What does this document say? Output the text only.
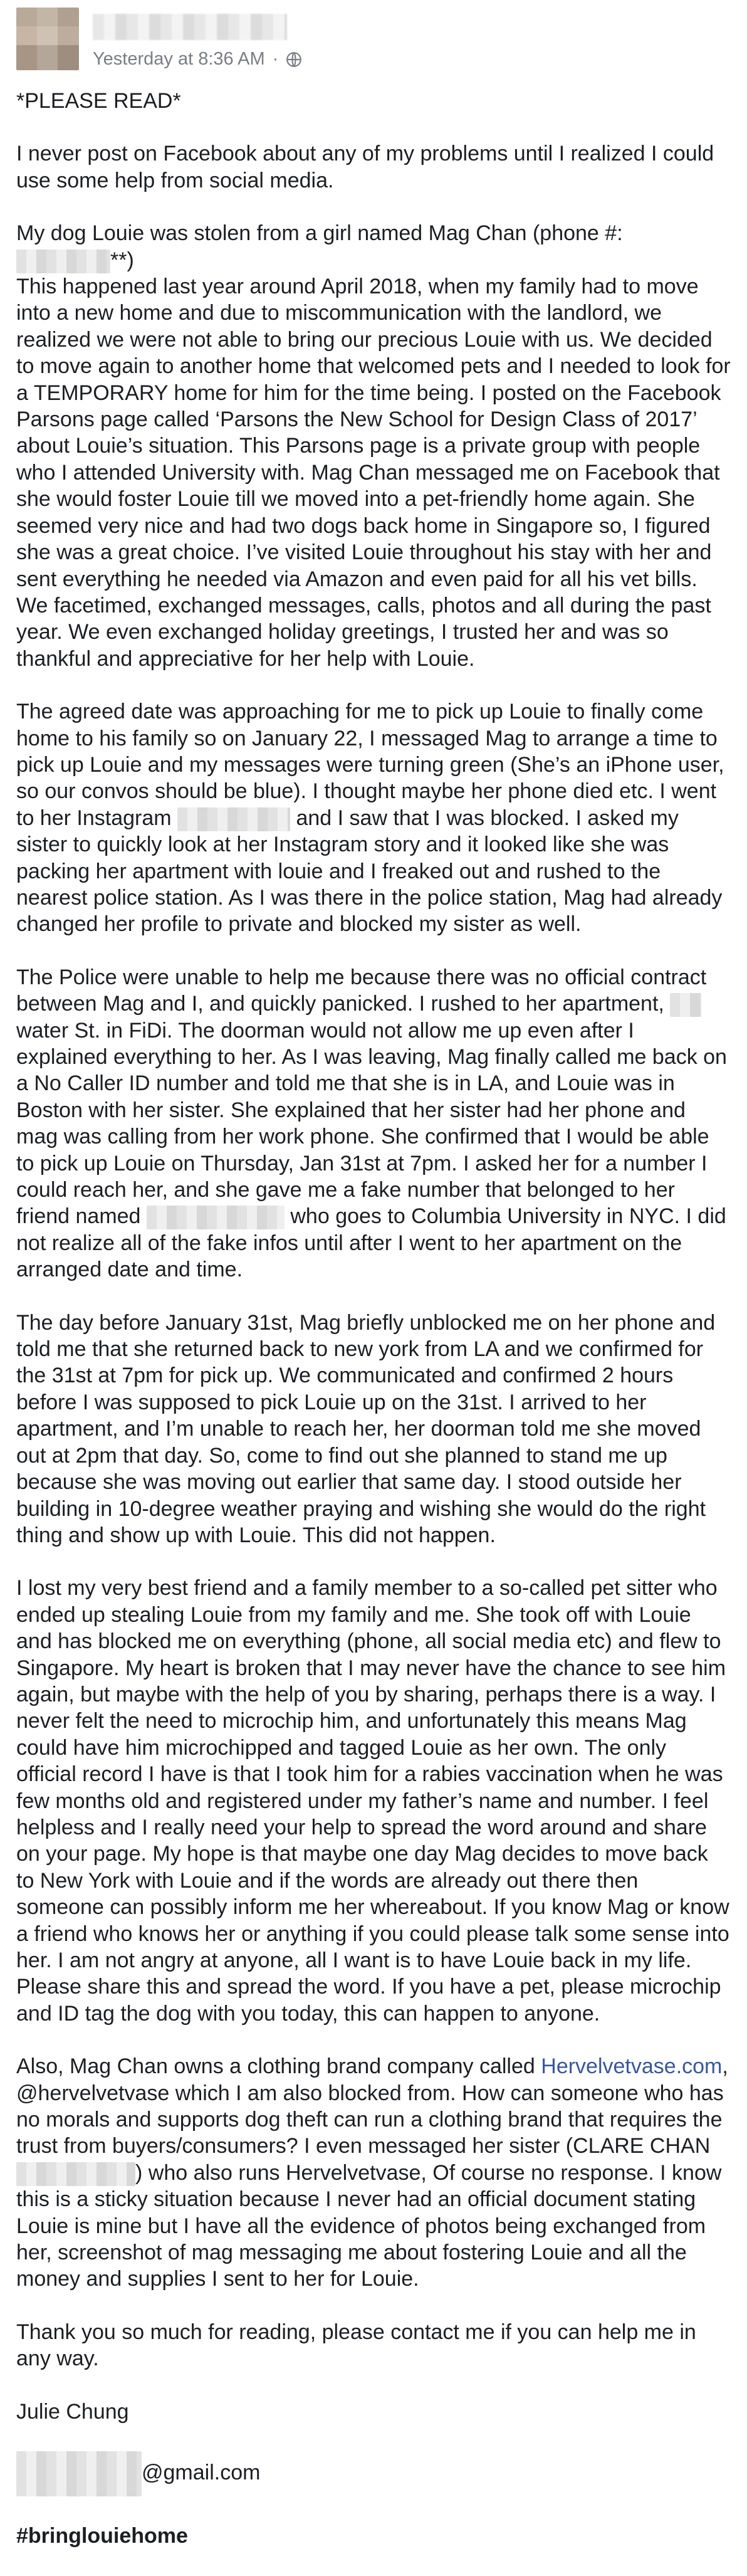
Yesterday at 8:36 AM ·

*PLEASE READ*

I never post on Facebook about any of my problems until I realized I could use some help from social media.

My dog Louie was stolen from a girl named Mag Chan (phone #:
**)
This happened last year around April 2018, when my family had to move into a new home and due to miscommunication with the landlord, we realized we were not able to bring our precious Louie with us. We decided to move again to another home that welcomed pets and I needed to look for a TEMPORARY home for him for the time being. I posted on the Facebook Parsons page called ‘Parsons the New School for Design Class of 2017’ about Louie’s situation. This Parsons page is a private group with people who I attended University with. Mag Chan messaged me on Facebook that she would foster Louie till we moved into a pet-friendly home again. She seemed very nice and had two dogs back home in Singapore so, I figured she was a great choice. I’ve visited Louie throughout his stay with her and sent everything he needed via Amazon and even paid for all his vet bills. We facetimed, exchanged messages, calls, photos and all during the past year. We even exchanged holiday greetings, I trusted her and was so thankful and appreciative for her help with Louie.

The agreed date was approaching for me to pick up Louie to finally come home to his family so on January 22, I messaged Mag to arrange a time to pick up Louie and my messages were turning green (She’s an iPhone user, so our convos should be blue). I thought maybe her phone died etc. I went to her Instagram	and I saw that I was blocked. I asked my sister to quickly look at her Instagram story and it looked like she was packing her apartment with louie and I freaked out and rushed to the nearest police station. As I was there in the police station, Mag had already changed her profile to private and blocked my sister as well.

The Police were unable to help me because there was no official contract between Mag and I, and quickly panicked. I rushed to her apartment,  water St. in FiDi. The doorman would not allow me up even after I explained everything to her. As I was leaving, Mag finally called me back on a No Caller ID number and told me that she is in LA, and Louie was in Boston with her sister. She explained that her sister had her phone and mag was calling from her work phone. She confirmed that I would be able to pick up Louie on Thursday, Jan 31st at 7pm. I asked her for a number I could reach her, and she gave me a fake number that belonged to her friend named	who goes to Columbia University in NYC. I did not realize all of the fake infos until after I went to her apartment on the arranged date and time.

The day before January 31st, Mag briefly unblocked me on her phone and told me that she returned back to new york from LA and we confirmed for the 31st at 7pm for pick up. We communicated and confirmed 2 hours before I was supposed to pick Louie up on the 31st. I arrived to her apartment, and I’m unable to reach her, her doorman told me she moved out at 2pm that day. So, come to find out she planned to stand me up because she was moving out earlier that same day. I stood outside her building in 10-degree weather praying and wishing she would do the right thing and show up with Louie. This did not happen.

I lost my very best friend and a family member to a so-called pet sitter who ended up stealing Louie from my family and me. She took off with Louie and has blocked me on everything (phone, all social media etc) and flew to Singapore. My heart is broken that I may never have the chance to see him again, but maybe with the help of you by sharing, perhaps there is a way. I never felt the need to microchip him, and unfortunately this means Mag could have him microchipped and tagged Louie as her own. The only official record I have is that I took him for a rabies vaccination when he was few months old and registered under my father’s name and number. I feel helpless and I really need your help to spread the word around and share on your page. My hope is that maybe one day Mag decides to move back to New York with Louie and if the words are already out there then someone can possibly inform me her whereabout. If you know Mag or know a friend who knows her or anything if you could please talk some sense into her. I am not angry at anyone, all I want is to have Louie back in my life. Please share this and spread the word. If you have a pet, please microchip and ID tag the dog with you today, this can happen to anyone.

Also, Mag Chan owns a clothing brand company called Hervelvetvase.com, @hervelvetvase which I am also blocked from. How can someone who has no morals and supports dog theft can run a clothing brand that requires the trust from buyers/consumers? I even messaged her sister (CLARE CHAN ) who also runs Hervelvetvase, Of course no response. I know this is a sticky situation because I never had an official document stating Louie is mine but I have all the evidence of photos being exchanged from her, screenshot of mag messaging me about fostering Louie and all the money and supplies I sent to her for Louie.

Thank you so much for reading, please contact me if you can help me in any way.

Julie Chung

@gmail.com

#bringlouiehome
